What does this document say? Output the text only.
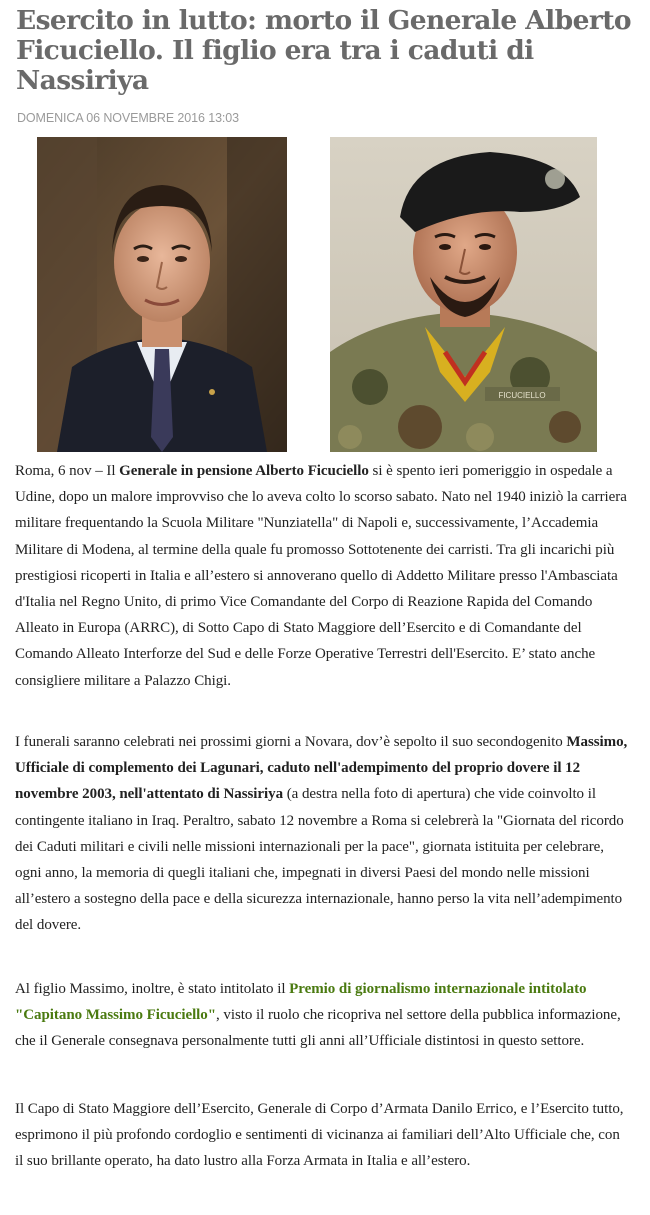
Esercito in lutto: morto il Generale Alberto Ficuciello. Il figlio era tra i caduti di Nassiriya
DOMENICA 06 NOVEMBRE 2016 13:03
FICUCIELLO

Roma, 6 nov – Il Generale in pensione Alberto Ficuciello si è spento ieri pomeriggio in ospedale a Udine, dopo un malore improvviso che lo aveva colto lo scorso sabato. Nato nel 1940 iniziò la carriera militare frequentando la Scuola Militare "Nunziatella" di Napoli e, successivamente, l’Accademia Militare di Modena, al termine della quale fu promosso Sottotenente dei carristi. Tra gli incarichi più prestigiosi ricoperti in Italia e all’estero si annoverano quello di Addetto Militare presso l'Ambasciata d'Italia nel Regno Unito, di primo Vice Comandante del Corpo di Reazione Rapida del Comando Alleato in Europa (ARRC), di Sotto Capo di Stato Maggiore dell’Esercito e di Comandante del Comando Alleato Interforze del Sud e delle Forze Operative Terrestri dell'Esercito. E’ stato anche consigliere militare a Palazzo Chigi.

I funerali saranno celebrati nei prossimi giorni a Novara, dov’è sepolto il suo secondogenito Massimo, Ufficiale di complemento dei Lagunari, caduto nell'adempimento del proprio dovere il 12 novembre 2003, nell'attentato di Nassiriya (a destra nella foto di apertura) che vide coinvolto il contingente italiano in Iraq. Peraltro, sabato 12 novembre a Roma si celebrerà la "Giornata del ricordo dei Caduti militari e civili nelle missioni internazionali per la pace", giornata istituita per celebrare, ogni anno, la memoria di quegli italiani che, impegnati in diversi Paesi del mondo nelle missioni all’estero a sostegno della pace e della sicurezza internazionale, hanno perso la vita nell’adempimento del dovere.

Al figlio Massimo, inoltre, è stato intitolato il Premio di giornalismo internazionale intitolato "Capitano Massimo Ficuciello", visto il ruolo che ricopriva nel settore della pubblica informazione, che il Generale consegnava personalmente tutti gli anni all’Ufficiale distintosi in questo settore.

Il Capo di Stato Maggiore dell’Esercito, Generale di Corpo d’Armata Danilo Errico, e l’Esercito tutto, esprimono il più profondo cordoglio e sentimenti di vicinanza ai familiari dell’Alto Ufficiale che, con il suo brillante operato, ha dato lustro alla Forza Armata in Italia e all’estero.
